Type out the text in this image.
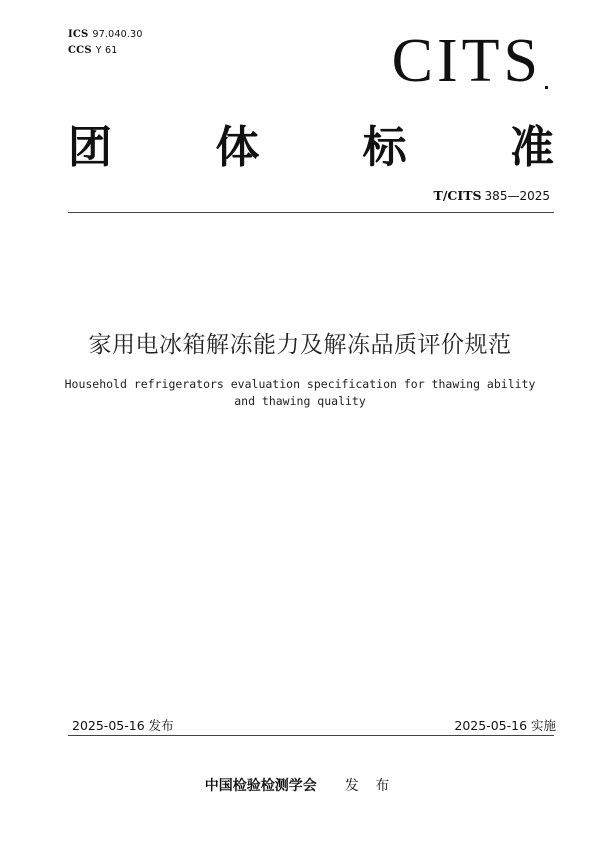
ICS 97.040.30
CCS Y 61	CITS
团 体 标 准
T/CITS 385—2025
家用电冰箱解冻能力及解冻品质评价规范
Household refrigerators evaluation specification for thawing ability
and thawing quality
2025-05-16 发布	2025-05-16 实施
中国检验检测学会 发 布
